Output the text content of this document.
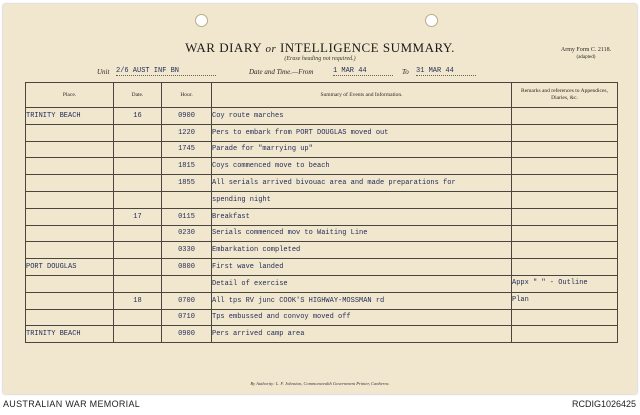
WAR DIARY or INTELLIGENCE SUMMARY.
(Erase heading not required.)
Army Form C. 2118.
(adapted)
Unit 2/6 AUST INF BN	Date and Time.—From	1 MAR 44	To 31 MAR 44
Place.	Date.	Hour.	Summary of Events and Information.	Remarks and references to Appendices, Diaries, &c.
TRINITY BEACH	16	0900	Coy route marches	
		1220	Pers to embark from PORT DOUGLAS moved out	
		1745	Parade for "marrying up"	
		1815	Coys commenced move to beach	
		1855	All serials arrived bivouac area and made preparations for	
			spending night	
	17	0115	Breakfast	
		0230	Serials commenced mov to Waiting Line	
		0330	Embarkation completed	
PORT DOUGLAS		0800	First wave landed	
			Detail of exercise	Appx " " - Outline
	18	0700	All tps RV junc COOK'S HIGHWAY-MOSSMAN rd	Plan
		0710	Tps embussed and convoy moved off	
TRINITY BEACH		0900	Pers arrived camp area	
By Authority: L. F. Johnston, Commonwealth Government Printer, Canberra.
AUSTRALIAN WAR MEMORIAL	RCDIG1026425
